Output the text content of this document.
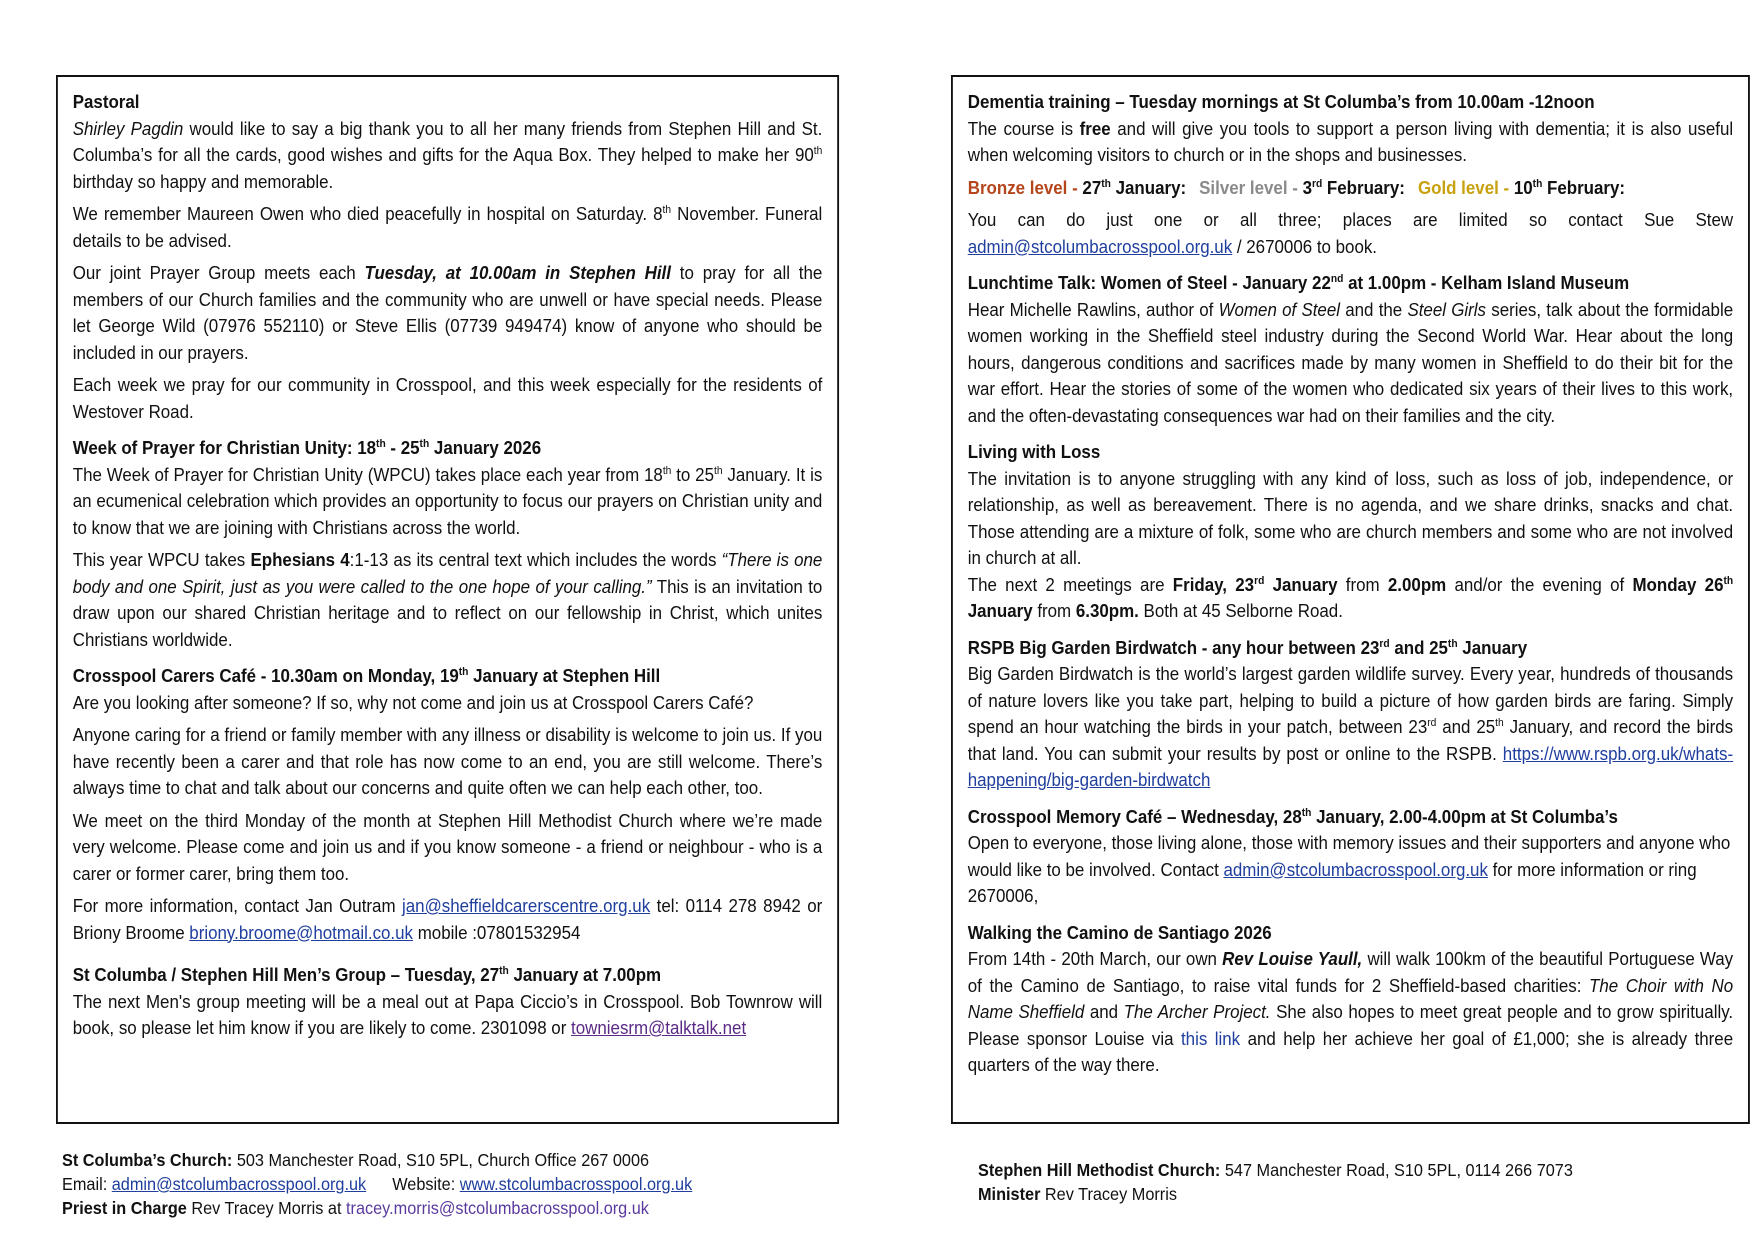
Pastoral

Shirley Pagdin would like to say a big thank you to all her many friends from Stephen Hill and St. Columba’s for all the cards, good wishes and gifts for the Aqua Box. They helped to make her 90th birthday so happy and memorable.

We remember Maureen Owen who died peacefully in hospital on Saturday. 8th November. Funeral details to be advised.

Our joint Prayer Group meets each Tuesday, at 10.00am in Stephen Hill to pray for all the members of our Church families and the community who are unwell or have special needs. Please let George Wild (07976 552110) or Steve Ellis (07739 949474) know of anyone who should be included in our prayers.

Each week we pray for our community in Crosspool, and this week especially for the residents of Westover Road.

Week of Prayer for Christian Unity: 18th - 25th January 2026

The Week of Prayer for Christian Unity (WPCU) takes place each year from 18th to 25th January. It is an ecumenical celebration which provides an opportunity to focus our prayers on Christian unity and to know that we are joining with Christians across the world.

This year WPCU takes Ephesians 4:1-13 as its central text which includes the words “There is one body and one Spirit, just as you were called to the one hope of your calling.” This is an invitation to draw upon our shared Christian heritage and to reflect on our fellowship in Christ, which unites Christians worldwide.

Crosspool Carers Café - 10.30am on Monday, 19th January at Stephen Hill

Are you looking after someone? If so, why not come and join us at Crosspool Carers Café?

Anyone caring for a friend or family member with any illness or disability is welcome to join us. If you have recently been a carer and that role has now come to an end, you are still welcome. There’s always time to chat and talk about our concerns and quite often we can help each other, too.

We meet on the third Monday of the month at Stephen Hill Methodist Church where we’re made very welcome. Please come and join us and if you know someone - a friend or neighbour - who is a carer or former carer, bring them too.

For more information, contact Jan Outram jan@sheffieldcarerscentre.org.uk tel: 0114 278 8942 or Briony Broome briony.broome@hotmail.co.uk mobile :07801532954

St Columba / Stephen Hill Men’s Group – Tuesday, 27th January at 7.00pm

The next Men's group meeting will be a meal out at Papa Ciccio’s in Crosspool. Bob Townrow will book, so please let him know if you are likely to come. 2301098 or towniesrm@talktalk.net

Dementia training – Tuesday mornings at St Columba’s from 10.00am -12noon

The course is free and will give you tools to support a person living with dementia; it is also useful when welcoming visitors to church or in the shops and businesses.

Bronze level - 27th January: Silver level - 3rd February: Gold level - 10th February:

You can do just one or all three; places are limited so contact Sue Stew admin@stcolumbacrosspool.org.uk / 2670006 to book.

Lunchtime Talk: Women of Steel - January 22nd at 1.00pm - Kelham Island Museum

Hear Michelle Rawlins, author of Women of Steel and the Steel Girls series, talk about the formidable women working in the Sheffield steel industry during the Second World War. Hear about the long hours, dangerous conditions and sacrifices made by many women in Sheffield to do their bit for the war effort. Hear the stories of some of the women who dedicated six years of their lives to this work, and the often-devastating consequences war had on their families and the city.

Living with Loss

The invitation is to anyone struggling with any kind of loss, such as loss of job, independence, or relationship, as well as bereavement. There is no agenda, and we share drinks, snacks and chat. Those attending are a mixture of folk, some who are church members and some who are not involved in church at all.

The next 2 meetings are Friday, 23rd January from 2.00pm and/or the evening of Monday 26th January from 6.30pm. Both at 45 Selborne Road.

RSPB Big Garden Birdwatch - any hour between 23rd and 25th January

Big Garden Birdwatch is the world’s largest garden wildlife survey. Every year, hundreds of thousands of nature lovers like you take part, helping to build a picture of how garden birds are faring. Simply spend an hour watching the birds in your patch, between 23rd and 25th January, and record the birds that land. You can submit your results by post or online to the RSPB. https://www.rspb.org.uk/whats-happening/big-garden-birdwatch

Crosspool Memory Café – Wednesday, 28th January, 2.00-4.00pm at St Columba’s

Open to everyone, those living alone, those with memory issues and their supporters and anyone who would like to be involved. Contact admin@stcolumbacrosspool.org.uk for more information or ring 2670006,

Walking the Camino de Santiago 2026

From 14th - 20th March, our own Rev Louise Yaull, will walk 100km of the beautiful Portuguese Way of the Camino de Santiago, to raise vital funds for 2 Sheffield-based charities: The Choir with No Name Sheffield and The Archer Project. She also hopes to meet great people and to grow spiritually. Please sponsor Louise via this link and help her achieve her goal of £1,000; she is already three quarters of the way there.

St Columba’s Church: 503 Manchester Road, S10 5PL, Church Office 267 0006
Email: admin@stcolumbacrosspool.org.uk Website: www.stcolumbacrosspool.org.uk
Priest in Charge Rev Tracey Morris at tracey.morris@stcolumbacrosspool.org.uk
Stephen Hill Methodist Church: 547 Manchester Road, S10 5PL, 0114 266 7073
Minister Rev Tracey Morris
